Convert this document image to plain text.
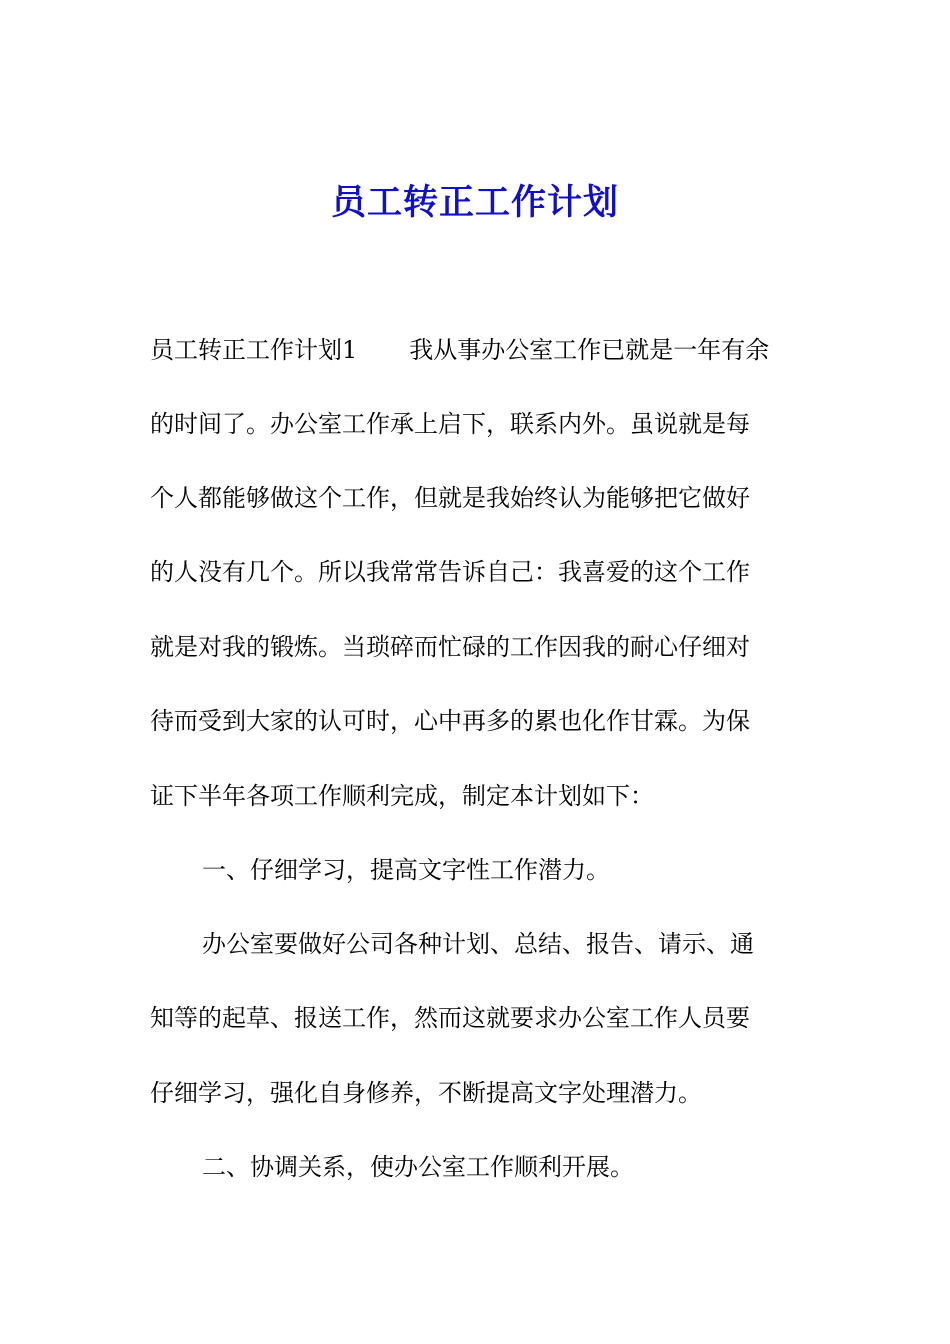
员工转正工作计划
员工转正工作计划1 我从事办公室工作已就是一年有余
的时间了。办公室工作承上启下，联系内外。虽说就是每
个人都能够做这个工作，但就是我始终认为能够把它做好
的人没有几个。所以我常常告诉自己：我喜爱的这个工作
就是对我的锻炼。当琐碎而忙碌的工作因我的耐心仔细对
待而受到大家的认可时，心中再多的累也化作甘霖。为保
证下半年各项工作顺利完成，制定本计划如下：
一、仔细学习，提高文字性工作潜力。
办公室要做好公司各种计划、总结、报告、请示、通
知等的起草、报送工作，然而这就要求办公室工作人员要
仔细学习，强化自身修养，不断提高文字处理潜力。
二、协调关系，使办公室工作顺利开展。
